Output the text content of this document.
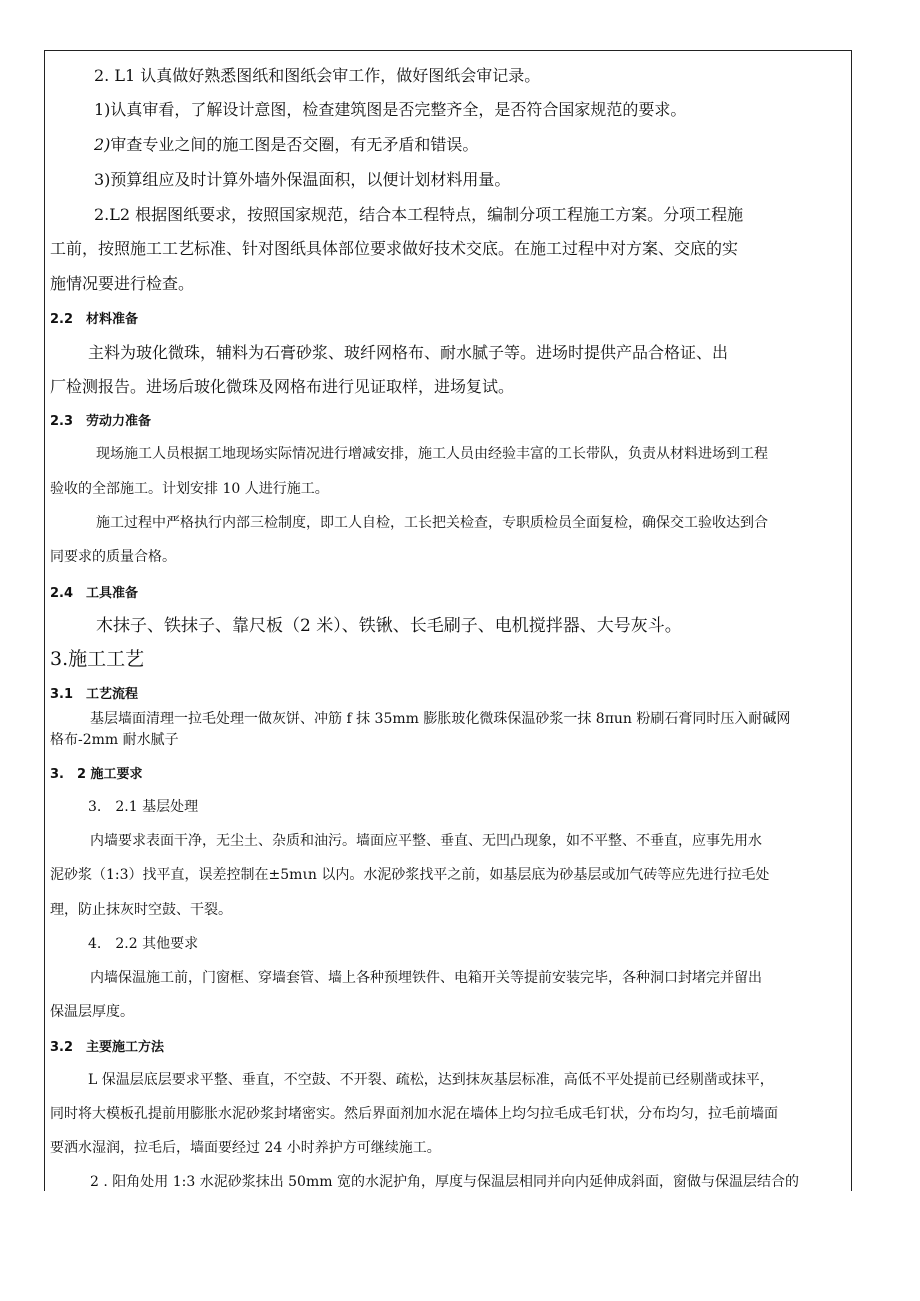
2. L1 认真做好熟悉图纸和图纸会审工作，做好图纸会审记录。

1)认真审看，了解设计意图，检查建筑图是否完整齐全，是否符合国家规范的要求。

2)审查专业之间的施工图是否交圈，有无矛盾和错误。

3)预算组应及时计算外墙外保温面积，以便计划材料用量。

2.L2 根据图纸要求，按照国家规范，结合本工程特点，编制分项工程施工方案。分项工程施

工前，按照施工工艺标准、针对图纸具体部位要求做好技术交底。在施工过程中对方案、交底的实

施情况要进行检查。

2.2　材料准备

主料为玻化微珠，辅料为石膏砂浆、玻纤网格布、耐水腻子等。进场时提供产品合格证、出

厂检测报告。进场后玻化微珠及网格布进行见证取样，进场复试。

2.3　劳动力准备

现场施工人员根据工地现场实际情况进行增减安排，施工人员由经验丰富的工长带队，负责从材料进场到工程

验收的全部施工。计划安排 10 人进行施工。

施工过程中严格执行内部三检制度，即工人自检，工长把关检查，专职质检员全面复检，确保交工验收达到合

同要求的质量合格。

2.4　工具准备

木抹子、铁抹子、靠尺板（2 米）、铁锹、长毛刷子、电机搅拌器、大号灰斗。

3.施工工艺

3.1　工艺流程

基层墙面清理一拉毛处理一做灰饼、冲筋 f 抹 35mm 膨胀玻化微珠保温砂浆一抹 8πun 粉刷石膏同时压入耐碱网

格布-2mm 耐水腻子

3.　2 施工要求

3.　2.1 基层处理

内墙要求表面干净，无尘土、杂质和油污。墙面应平整、垂直、无凹凸现象，如不平整、不垂直，应事先用水

泥砂浆（1:3）找平直，误差控制在±5mιn 以内。水泥砂浆找平之前，如基层底为砂基层或加气砖等应先进行拉毛处

理，防止抹灰时空鼓、干裂。

4.　2.2 其他要求

内墙保温施工前，门窗框、穿墙套管、墙上各种预埋铁件、电箱开关等提前安装完毕，各种洞口封堵完并留出

保温层厚度。

3.2　主要施工方法

L 保温层底层要求平整、垂直，不空鼓、不开裂、疏松，达到抹灰基层标准，高低不平处提前已经剔凿或抹平，

同时将大模板孔提前用膨胀水泥砂浆封堵密实。然后界面剂加水泥在墙体上均匀拉毛成毛钉状，分布均匀，拉毛前墙面

要洒水湿润，拉毛后，墙面要经过 24 小时养护方可继续施工。

2 . 阳角处用 1:3 水泥砂浆抹出 50mm 宽的水泥护角，厚度与保温层相同并向内延伸成斜面，窗做与保温层结合的
